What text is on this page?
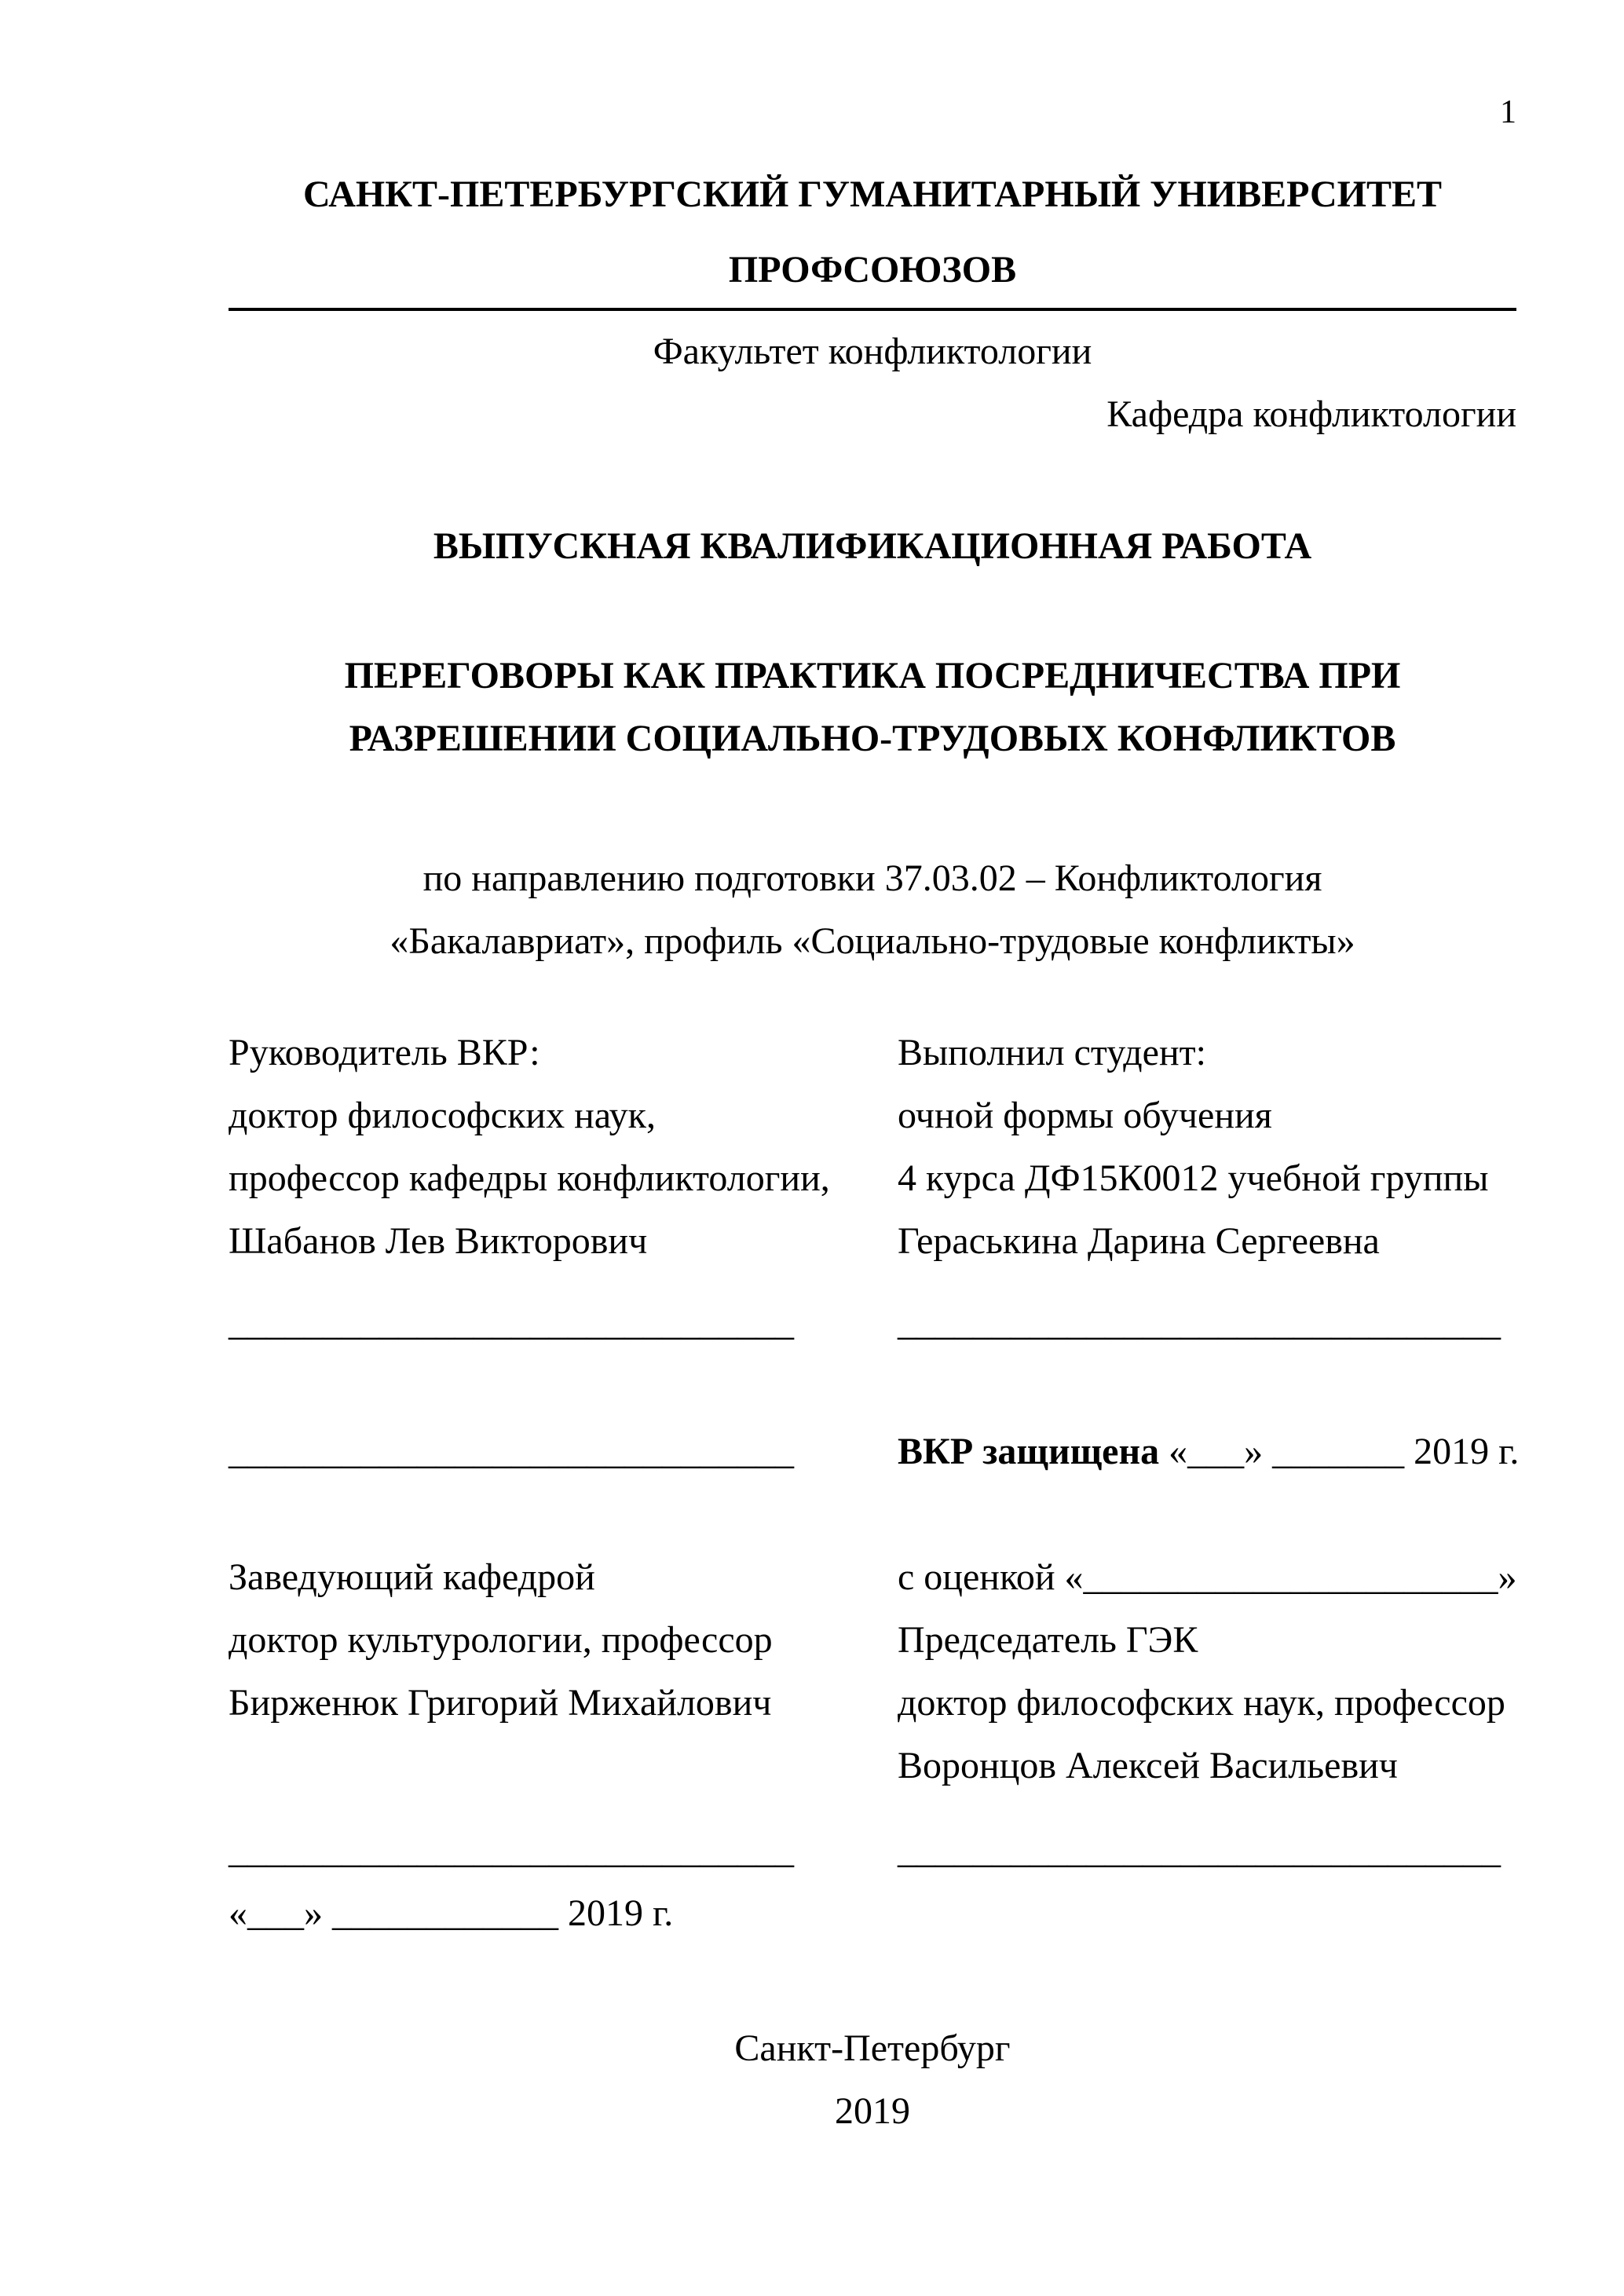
1
САНКТ-ПЕТЕРБУРГСКИЙ ГУМАНИТАРНЫЙ УНИВЕРСИТЕТ
ПРОФСОЮЗОВ
Факультет конфликтологии
Кафедра конфликтологии
ВЫПУСКНАЯ КВАЛИФИКАЦИОННАЯ РАБОТА
ПЕРЕГОВОРЫ КАК ПРАКТИКА ПОСРЕДНИЧЕСТВА ПРИ
РАЗРЕШЕНИИ СОЦИАЛЬНО-ТРУДОВЫХ КОНФЛИКТОВ
по направлению подготовки 37.03.02 – Конфликтология
«Бакалавриат», профиль «Социально-трудовые конфликты»
Руководитель ВКР:
доктор философских наук,
профессор кафедры конфликтологии,
Шабанов Лев Викторович
______________________________
______________________________
Заведующий кафедрой
доктор культурологии, профессор
Бирженюк Григорий Михайлович
______________________________
«___» ____________ 2019 г.
Выполнил студент:
очной формы обучения
4 курса ДФ15К0012 учебной группы
Гераськина Дарина Сергеевна
________________________________
ВКР защищена «___» _______ 2019 г.
с оценкой «______________________»
Председатель ГЭК
доктор философских наук, профессор
Воронцов Алексей Васильевич
________________________________
Санкт-Петербург
2019
